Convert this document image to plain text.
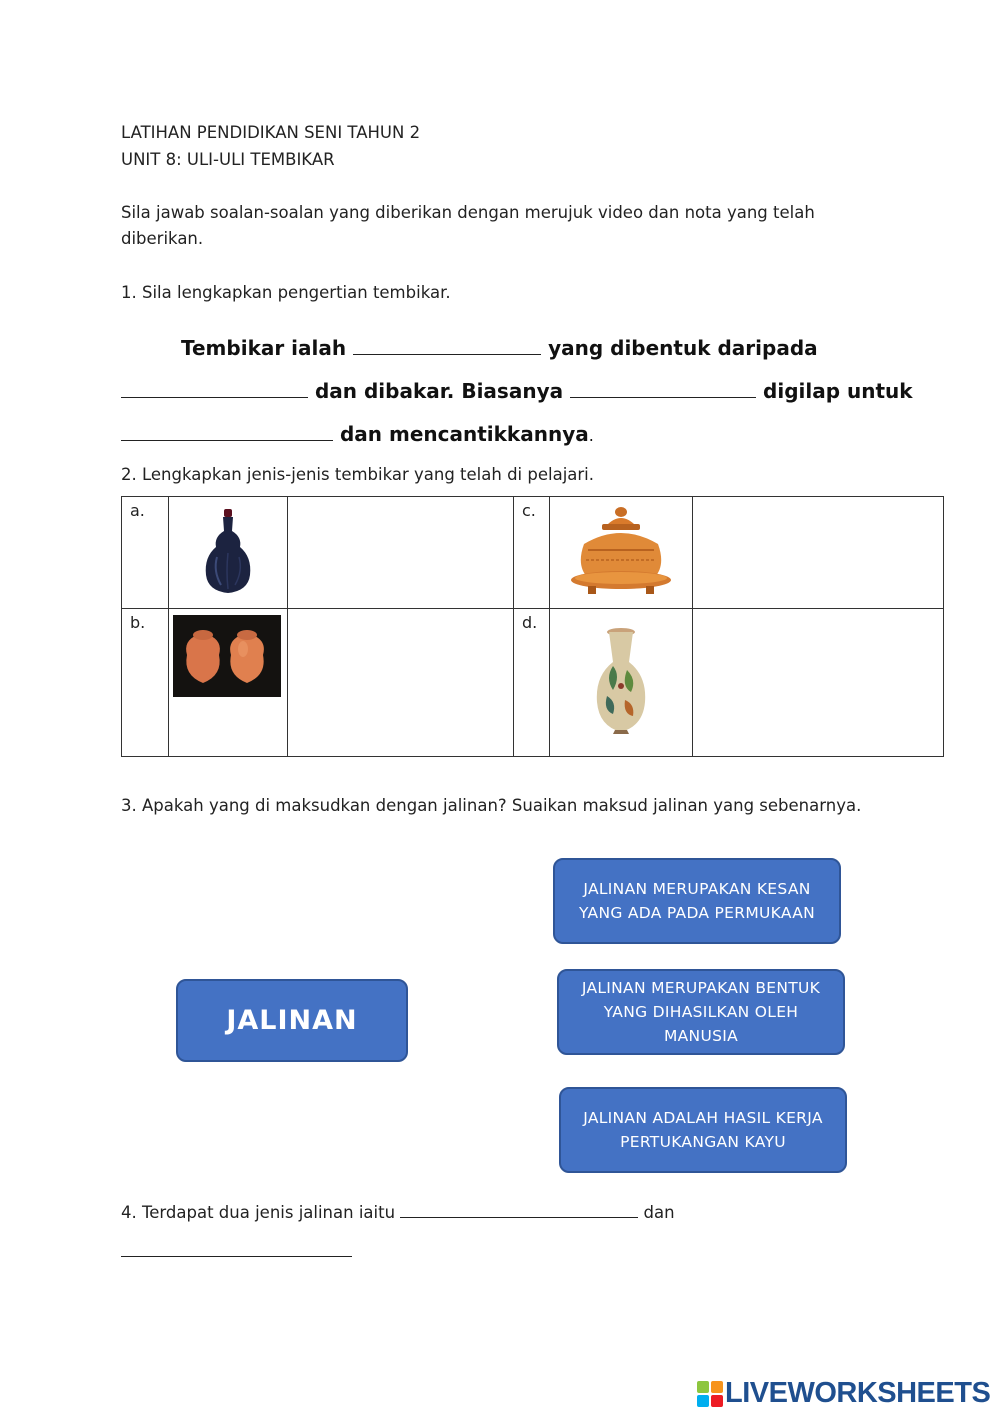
LATIHAN PENDIDIKAN SENI TAHUN 2
UNIT 8: ULI-ULI TEMBIKAR
Sila jawab soalan-soalan yang diberikan dengan merujuk video dan nota yang telah
diberikan.
1. Sila lengkapkan pengertian tembikar.
Tembikar ialah	yang dibentuk daripada
dan dibakar. Biasanya	digilap untuk
dan mencantikkannya.
2. Lengkapkan jenis-jenis tembikar yang telah di pelajari.
a.			c.	

b.			d.	

3. Apakah yang di maksudkan dengan jalinan? Suaikan maksud jalinan yang sebenarnya.
JALINAN MERUPAKAN KESAN YANG ADA PADA PERMUKAAN
JALINAN MERUPAKAN BENTUK YANG DIHASILKAN OLEH MANUSIA
JALINAN ADALAH HASIL KERJA PERTUKANGAN KAYU
JALINAN
4. Terdapat dua jenis jalinan iaitu	dan
LIVEWORKSHEETS
